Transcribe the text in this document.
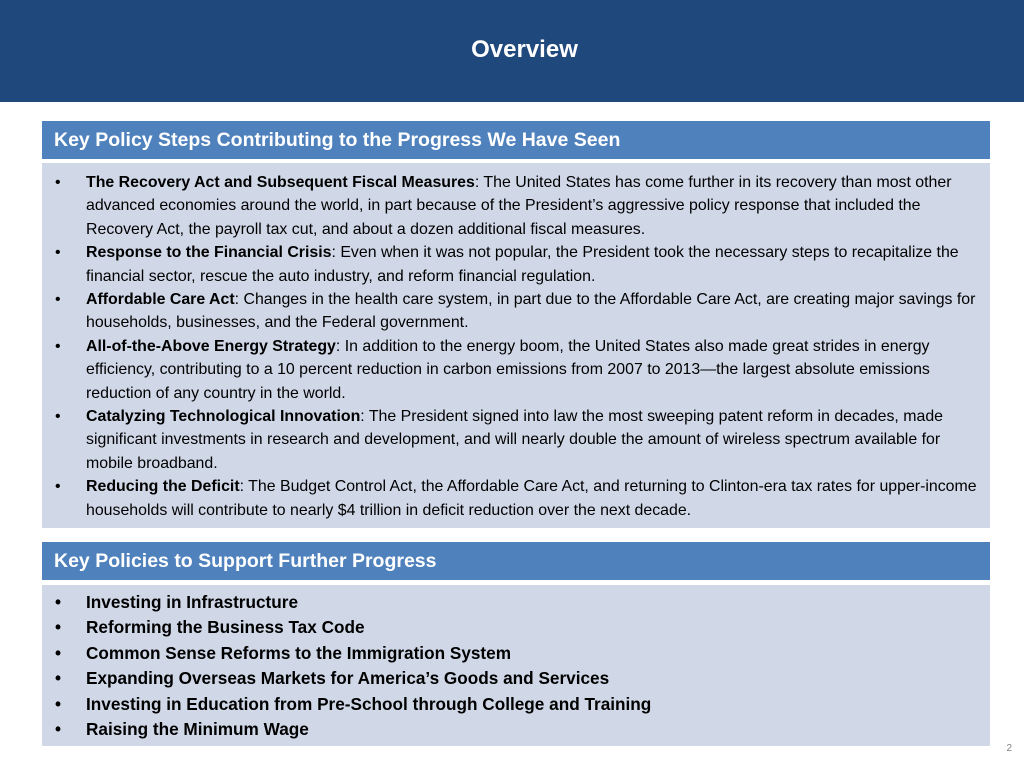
Overview
Key Policy Steps Contributing to the Progress We Have Seen
•	The Recovery Act and Subsequent Fiscal Measures: The United States has come further in its recovery than most other advanced economies around the world, in part because of the President’s aggressive policy response that included the Recovery Act, the payroll tax cut, and about a dozen additional fiscal measures.
•	Response to the Financial Crisis: Even when it was not popular, the President took the necessary steps to recapitalize the financial sector, rescue the auto industry, and reform financial regulation.
•	Affordable Care Act: Changes in the health care system, in part due to the Affordable Care Act, are creating major savings for households, businesses, and the Federal government.
•	All-of-the-Above Energy Strategy: In addition to the energy boom, the United States also made great strides in energy efficiency, contributing to a 10 percent reduction in carbon emissions from 2007 to 2013—the largest absolute emissions reduction of any country in the world.
•	Catalyzing Technological Innovation: The President signed into law the most sweeping patent reform in decades, made significant investments in research and development, and will nearly double the amount of wireless spectrum available for mobile broadband.
•	Reducing the Deficit: The Budget Control Act, the Affordable Care Act, and returning to Clinton-era tax rates for upper-income households will contribute to nearly $4 trillion in deficit reduction over the next decade.
Key Policies to Support Further Progress
•	Investing in Infrastructure
•	Reforming the Business Tax Code
•	Common Sense Reforms to the Immigration System
•	Expanding Overseas Markets for America’s Goods and Services
•	Investing in Education from Pre-School through College and Training
•	Raising the Minimum Wage
2
